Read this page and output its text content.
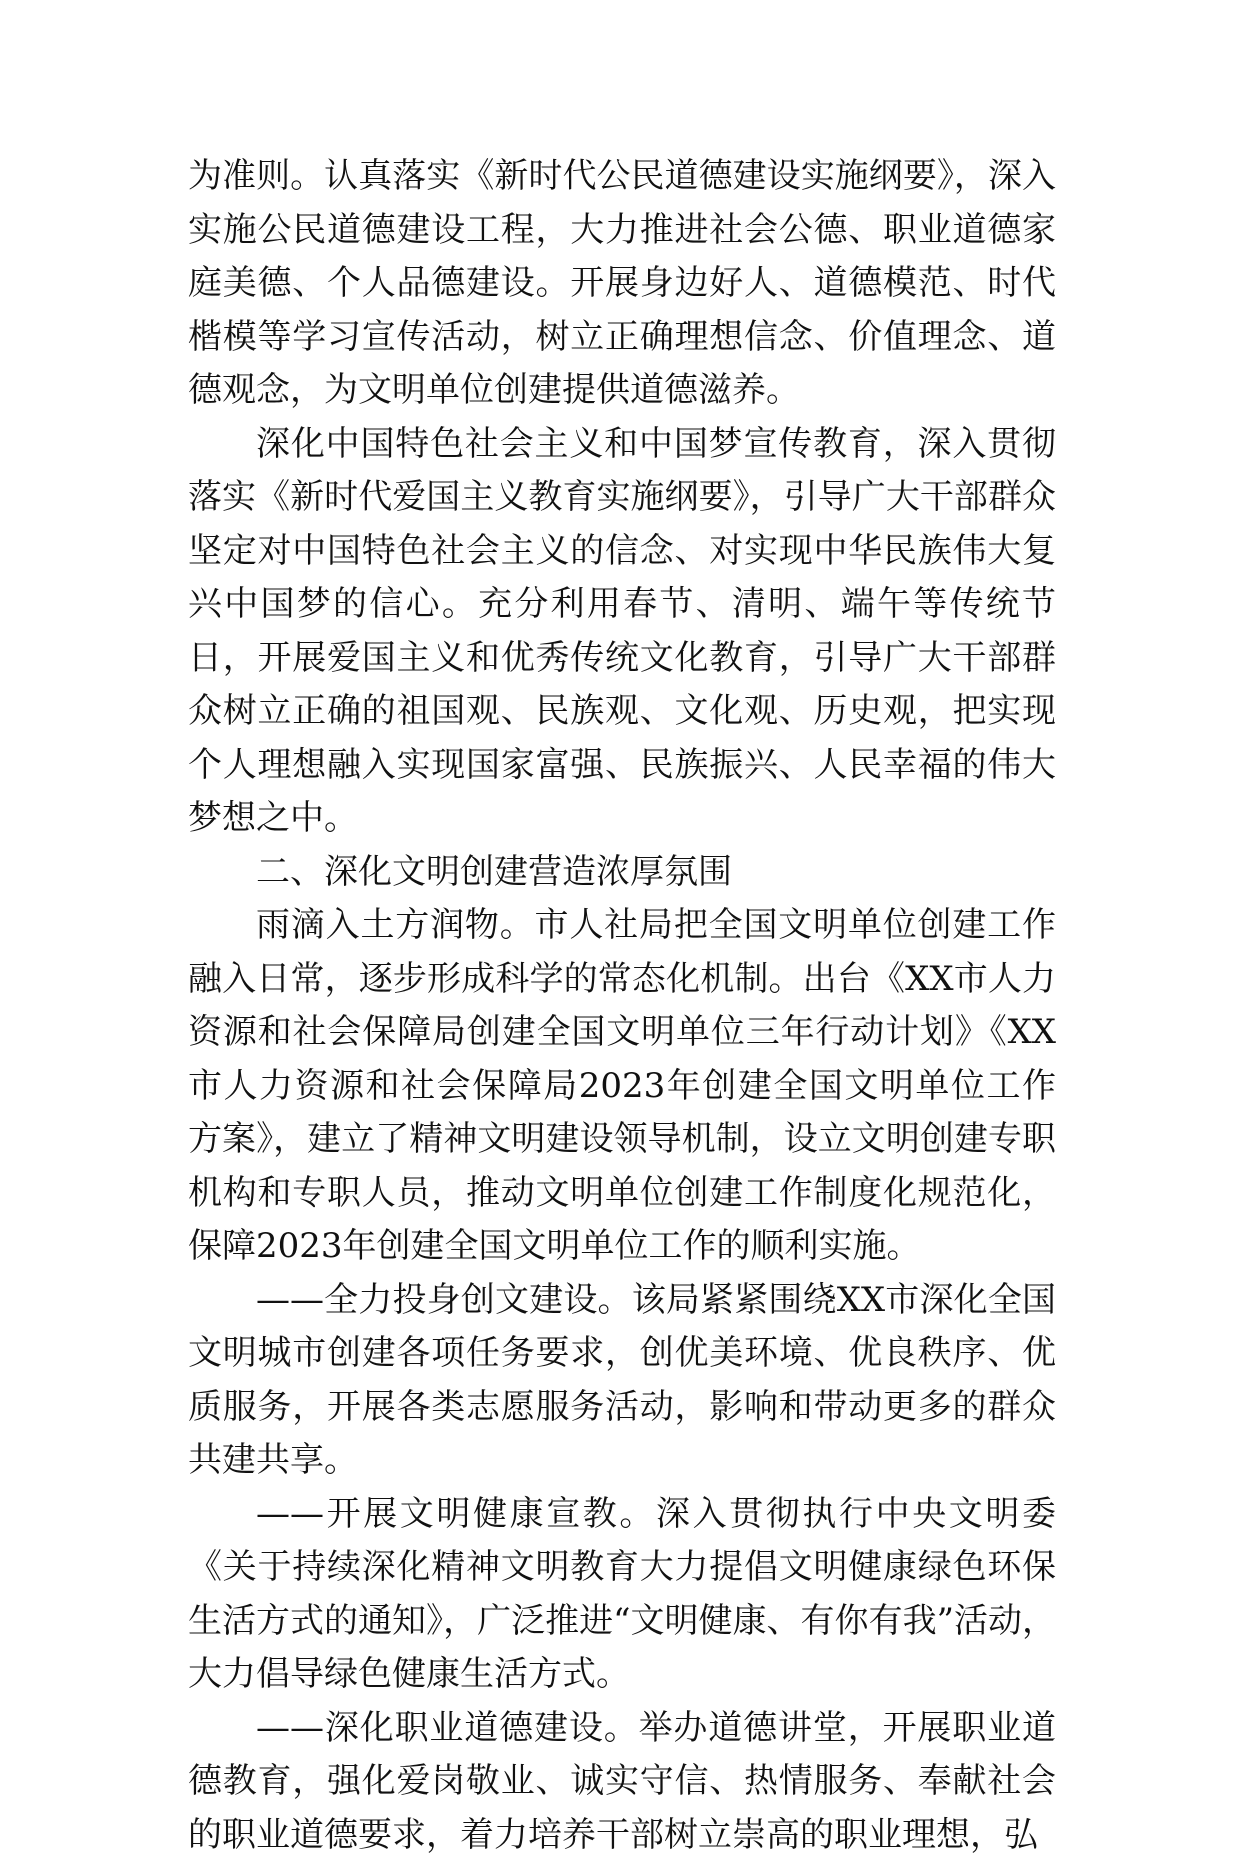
为准则。认真落实《新时代公民道德建设实施纲要》，深入实施公民道德建设工程，大力推进社会公德、职业道德家庭美德、个人品德建设。开展身边好人、道德模范、时代楷模等学习宣传活动，树立正确理想信念、价值理念、道德观念，为文明单位创建提供道德滋养。

深化中国特色社会主义和中国梦宣传教育，深入贯彻落实《新时代爱国主义教育实施纲要》，引导广大干部群众坚定对中国特色社会主义的信念、对实现中华民族伟大复兴中国梦的信心。充分利用春节、清明、端午等传统节日，开展爱国主义和优秀传统文化教育，引导广大干部群众树立正确的祖国观、民族观、文化观、历史观，把实现个人理想融入实现国家富强、民族振兴、人民幸福的伟大梦想之中。

二、深化文明创建营造浓厚氛围

雨滴入土方润物。市人社局把全国文明单位创建工作融入日常，逐步形成科学的常态化机制。出台《XX市人力资源和社会保障局创建全国文明单位三年行动计划》《XX市人力资源和社会保障局2023年创建全国文明单位工作方案》，建立了精神文明建设领导机制，设立文明创建专职机构和专职人员，推动文明单位创建工作制度化规范化，保障2023年创建全国文明单位工作的顺利实施。

——全力投身创文建设。该局紧紧围绕XX市深化全国文明城市创建各项任务要求，创优美环境、优良秩序、优质服务，开展各类志愿服务活动，影响和带动更多的群众共建共享。

——开展文明健康宣教。深入贯彻执行中央文明委《关于持续深化精神文明教育大力提倡文明健康绿色环保生活方式的通知》，广泛推进“文明健康、有你有我”活动，大力倡导绿色健康生活方式。

——深化职业道德建设。举办道德讲堂，开展职业道德教育，强化爱岗敬业、诚实守信、热情服务、奉献社会的职业道德要求，着力培养干部树立崇高的职业理想，弘
